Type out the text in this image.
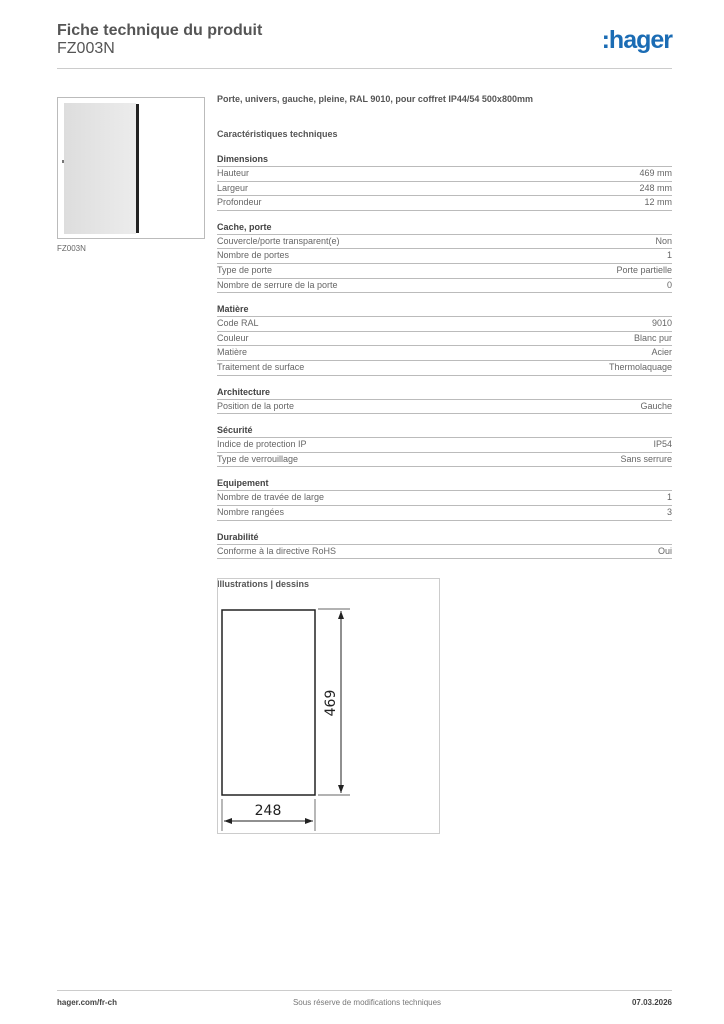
Fiche technique du produit
FZ003N	:hager
FZ003N
Porte, univers, gauche, pleine, RAL 9010, pour coffret IP44/54 500x800mm
Caractéristiques techniques
Dimensions
Hauteur	469 mm
Largeur	248 mm
Profondeur	12 mm
Cache, porte
Couvercle/porte transparent(e)	Non
Nombre de portes	1
Type de porte	Porte partielle
Nombre de serrure de la porte	0
Matière
Code RAL	9010
Couleur	Blanc pur
Matière	Acier
Traitement de surface	Thermolaquage
Architecture
Position de la porte	Gauche
Sécurité
Indice de protection IP	IP54
Type de verrouillage	Sans serrure
Equipement
Nombre de travée de large	1
Nombre rangées	3
Durabilité
Conforme à la directive RoHS	Oui
Illustrations | dessins
469
248
hager.com/fr-ch	Sous réserve de modifications techniques	07.03.2026
